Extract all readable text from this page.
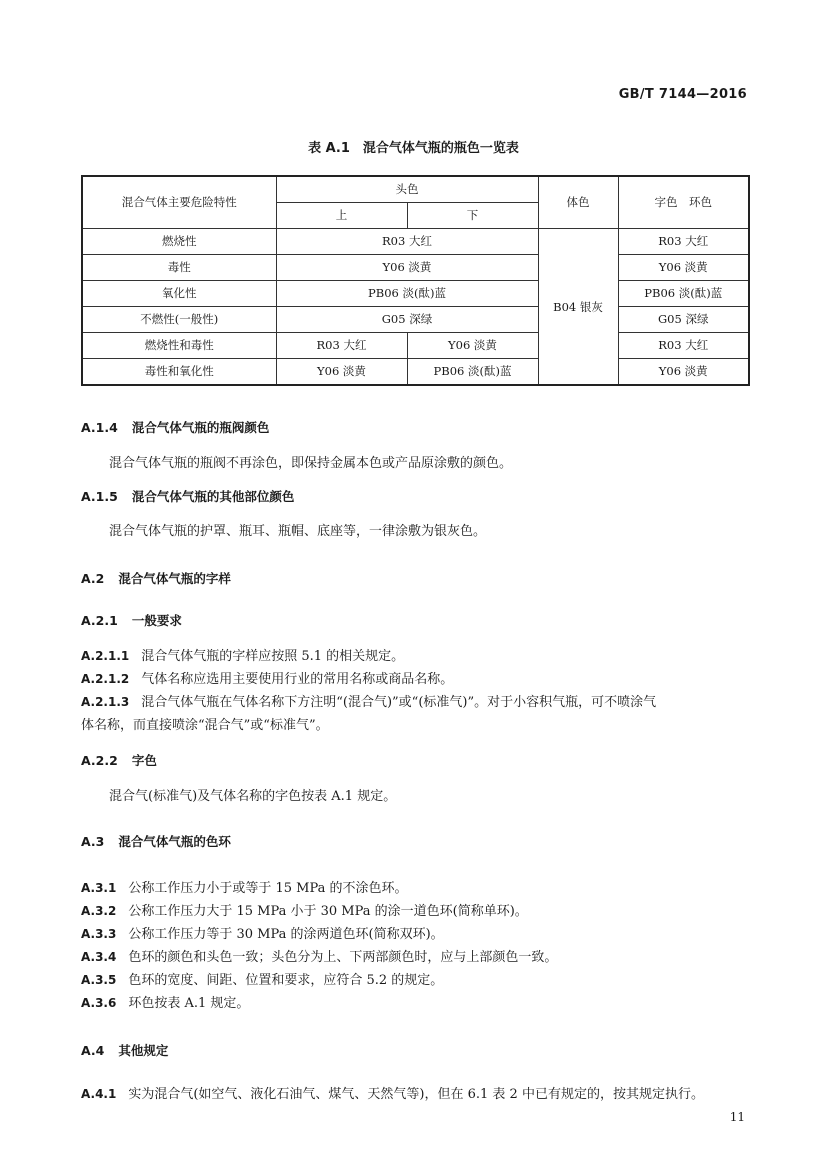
GB/T 7144—2016
表 A.1　混合气体气瓶的瓶色一览表
混合气体主要危险特性	头色		体色	字色　环色
	上	下		
燃烧性	R03 大红		B04 银灰	R03 大红
毒性	Y06 淡黄			Y06 淡黄
氧化性	PB06 淡(酞)蓝			PB06 淡(酞)蓝
不燃性(一般性)	G05 深绿			G05 深绿
燃烧性和毒性	R03 大红	Y06 淡黄		R03 大红
毒性和氧化性	Y06 淡黄	PB06 淡(酞)蓝		Y06 淡黄
A.1.4 混合气体气瓶的瓶阀颜色
混合气体气瓶的瓶阀不再涂色，即保持金属本色或产品原涂敷的颜色。
A.1.5 混合气体气瓶的其他部位颜色
混合气体气瓶的护罩、瓶耳、瓶帽、底座等，一律涂敷为银灰色。
A.2 混合气体气瓶的字样
A.2.1 一般要求
A.2.1.1 混合气体气瓶的字样应按照 5.1 的相关规定。
A.2.1.2 气体名称应选用主要使用行业的常用名称或商品名称。
A.2.1.3 混合气体气瓶在气体名称下方注明“(混合气)”或“(标准气)”。对于小容积气瓶，可不喷涂气
体名称，而直接喷涂“混合气”或“标准气”。
A.2.2 字色
混合气(标准气)及气体名称的字色按表 A.1 规定。
A.3 混合气体气瓶的色环
A.3.1 公称工作压力小于或等于 15 MPa 的不涂色环。
A.3.2 公称工作压力大于 15 MPa 小于 30 MPa 的涂一道色环(简称单环)。
A.3.3 公称工作压力等于 30 MPa 的涂两道色环(简称双环)。
A.3.4 色环的颜色和头色一致；头色分为上、下两部颜色时，应与上部颜色一致。
A.3.5 色环的宽度、间距、位置和要求，应符合 5.2 的规定。
A.3.6 环色按表 A.1 规定。
A.4 其他规定
A.4.1 实为混合气(如空气、液化石油气、煤气、天然气等)，但在 6.1 表 2 中已有规定的，按其规定执行。
11
